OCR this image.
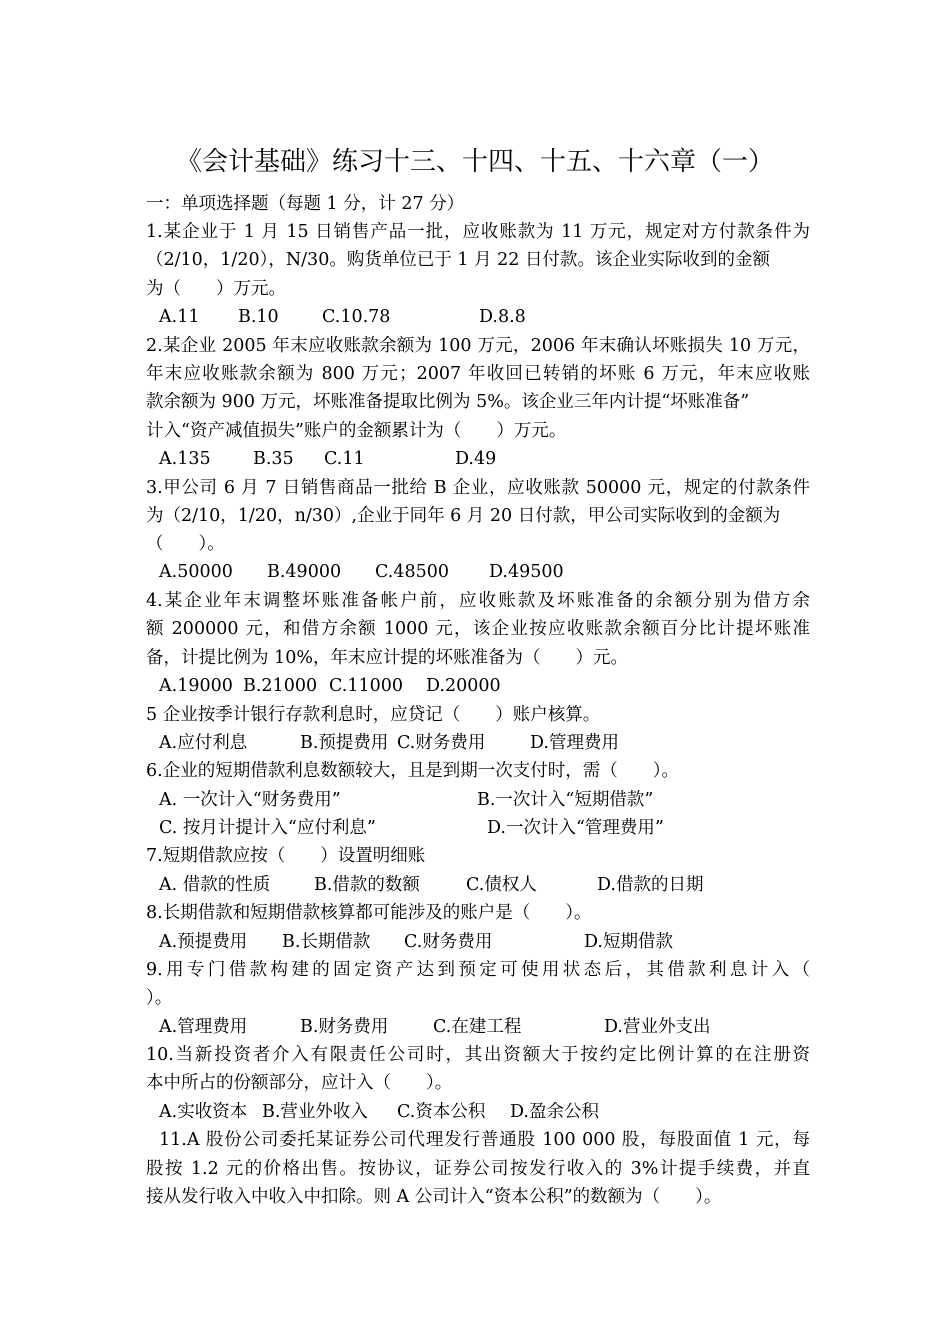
《会计基础》练习十三、十四、十五、十六章（一）
一：单项选择题（每题 1 分，计 27 分）
1.某企业于 1 月 15 日销售产品一批，应收账款为 11 万元，规定对方付款条件为
（2/10，1/20），N/30。购货单位已于 1 月 22 日付款。该企业实际收到的金额
为（　　）万元。
A.11 B.10 C.10.78	D.8.8
2.某企业 2005 年末应收账款余额为 100 万元，2006 年末确认坏账损失 10 万元，
年末应收账款余额为 800 万元；2007 年收回已转销的坏账 6 万元，年末应收账
款余额为 900 万元，坏账准备提取比例为 5%。该企业三年内计提“坏账准备”
计入“资产减值损失”账户的金额累计为（　　）万元。
A.135 B.35 C.11	D.49
3.甲公司 6 月 7 日销售商品一批给 B 企业，应收账款 50000 元，规定的付款条件
为（2/10，1/20，n/30）,企业于同年 6 月 20 日付款，甲公司实际收到的金额为
（　　）。
A.50000 B.49000 C.48500 D.49500
4.某企业年末调整坏账准备帐户前，应收账款及坏账准备的余额分别为借方余
额 200000 元，和借方余额 1000 元，该企业按应收账款余额百分比计提坏账准
备，计提比例为 10%，年末应计提的坏账准备为（　　）元。
A.19000 B.21000 C.11000 D.20000
5 企业按季计银行存款利息时，应贷记（　　）账户核算。
A.应付利息	B.预提费用 C.财务费用	D.管理费用
6.企业的短期借款利息数额较大，且是到期一次支付时，需（　　）。
A. 一次计入“财务费用”	B.一次计入“短期借款”
C. 按月计提计入“应付利息”	D.一次计入“管理费用”
7.短期借款应按（　　）设置明细账
A. 借款的性质 B.借款的数额	C.债权人	D.借款的日期
8.长期借款和短期借款核算都可能涉及的账户是（　　）。
A.预提费用 B.长期借款 C.财务费用	D.短期借款
9.用专门借款构建的固定资产达到预定可使用状态后，其借款利息计入（
）。
A.管理费用	B.财务费用	C.在建工程	D.营业外支出
10.当新投资者介入有限责任公司时，其出资额大于按约定比例计算的在注册资
本中所占的份额部分，应计入（　　）。
A.实收资本 B.营业外收入 C.资本公积 D.盈余公积
11.A 股份公司委托某证券公司代理发行普通股 100 000 股，每股面值 1 元，每
股按 1.2 元的价格出售。按协议，证券公司按发行收入的 3%计提手续费，并直
接从发行收入中收入中扣除。则 A 公司计入“资本公积”的数额为（　　）。
